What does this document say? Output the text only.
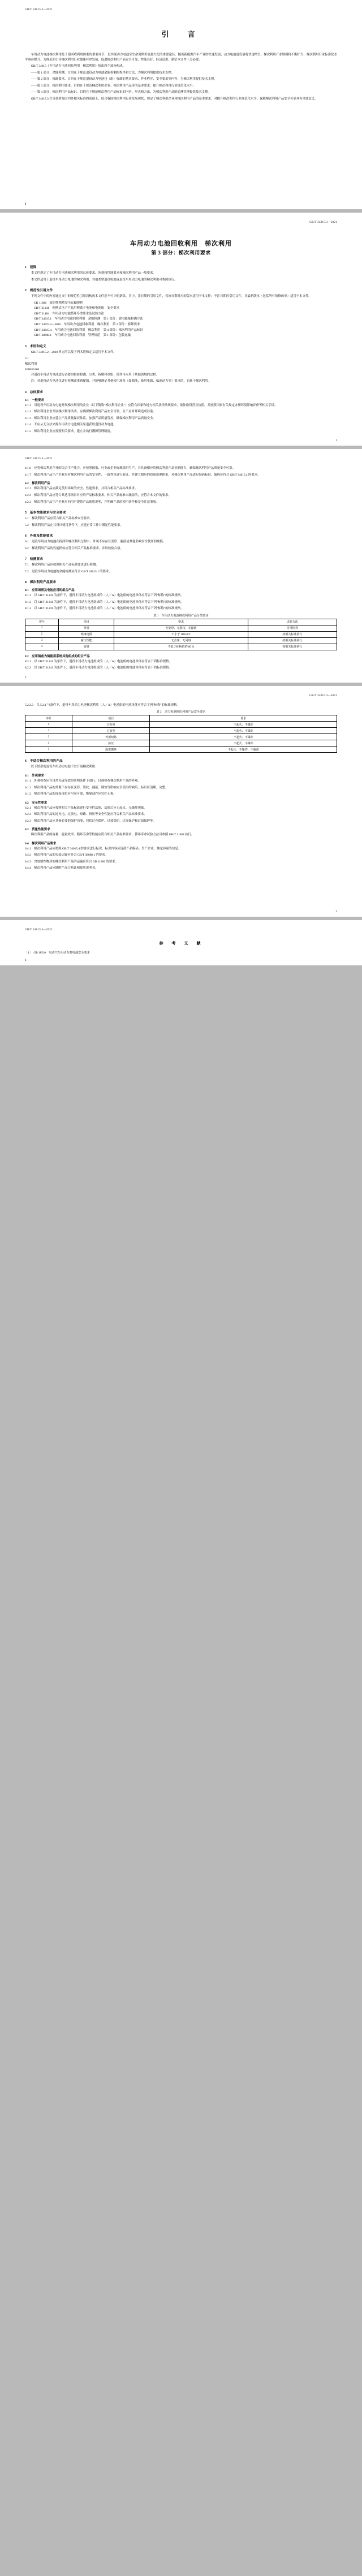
GB/T 34015.3—2021
引　言

车用动力电池梯次利用是千禧回收利用体系的重要环节，是实现动力电池全生命周期价值最大化的重要途径。随着新能源汽车产业的快速发展，动力电池退役量将快速增长，梯次利用产业规模将不断扩大，梯次利用行业标准化水平亟待提升。为规范和引导梯次利用行业健康有序发展，促进梯次利用产品安全可靠、性能良好、经济适用，制定本文件十分必要。

GB/T 34015《车用动力电池回收利用　梯次利用》拟由四个部分构成。

——第 1 部分：余能检测。目的在于规范退役动力电池余能检测的程序和方法，为梯次利用提供技术支撑。

——第 2 部分：拆卸要求。目的在于规范退役动力电池包（组）拆卸的基本要求、作业程序、安全要求等内容，为梯次利用提供技术支撑。

——第 3 部分：梯次利用要求。目的在于规范梯次利用企业、梯次利用产品等的基本要求，提升梯次利用行业规范化水平。

——第 4 部分：梯次利用产品标识。目的在于规范梯次利用产品标识的内容、形式和方法，为梯次利用产品的追溯管理提供技术支撑。

GB/T 34015.3 在等效借鉴国内外相关标准的基础上，结合我国梯次利用行业发展现状，规定了梯次利用企业和梯次利用产品的基本要求，对提升梯次利用行业规范化水平、保障梯次利用产品安全可靠具有重要意义。

Ⅱ
GB/T 34015.3—2021
车用动力电池回收利用　梯次利用
第 3 部分：梯次利用要求
1　 范围

本文件规定了车用动力电池梯次利用的总体要求、外观和性能要求和梯次利用产品一般要求。

本文件适用于退役车用动力电池的梯次利用，其他类型退役电池或退役车用动力电池的梯次利用可参照执行。

2　 规范性引用文件

下列文件中的内容通过文中的规范性引用而构成本文件必不可少的条款。其中，注日期的引用文件，仅该日期对应的版本适用于本文件；不注日期的引用文件，其最新版本（包括所有的修改单）适用于本文件。

GB 11806　放射性物质安全运输规程

GB/T 31241　便携式电子产品用锂离子电池和电池组　安全要求

GB/T 31484　车用动力电池循环寿命要求及试验方法

GB/T 34015.1　车用动力电池回收利用　余能检测　第 1 部分：放电能量检测方法

GB/T 34015.2—2020　车用动力电池回收利用　梯次利用　第 2 部分：拆卸要求

GB/T 34015.4　车用动力电池回收利用　梯次利用　第 4 部分：梯次利用产品标识

GB/T 38698.1　车用动力电池回收利用　管理规范　第 1 部分：包装运输

3　 术语和定义

GB/T 34015.2—2020 界定的以及下列术语和定义适用于本文件。

3.1

梯次利用

echelon use

对退役车用动力电池进行必要的检验检测、分类、拆解和重组，使其可应用于其他领域的过程。

注：对退役动力电池仅进行检测或重新配组，并能够满足其他使用场景（如储能、备用电源、低速动力等）要求的，也属于梯次利用。

4　 总体要求
4.1　 一般要求

4.1.1　对退役车用动力电池开展梯次利用的企业（以下简称"梯次利用企业"）应符合国家和地方相关法律法规要求，依法取得营业执照，并按照国家有关规定办理环境影响评价等相关手续。

4.1.2　梯次利用企业开展梯次利用活动，应确保梯次利用产品安全可靠，且不应对环境造成污染。

4.1.3　梯次利用企业应建立产品质量保证体系，加强产品质量管控，确保梯次利用产品质量安全。

4.1.4　不应从无合法来源车用动力电池相关渠道获取退役动力电池。

4.1.5　梯次利用企业应按照相关要求，建立并执行溯源管理制度。

1
GB/T 34015.3—2021

4.1.6　应将梯次利用企业的综合生产能力，应按照国家、行业或企业标准组织生产，并具备相应的梯次利用产品检测能力，确保梯次利用产品质量安全可靠。

4.1.7　梯次利用产品生产企业应对梯次利用产品的安全性、一致性等进行验证，并建立相应的质量追溯体系，对梯次利用产品进行编码标识，编码应符合 GB/T 34015.4 的要求。

4.2　梯次利用产品

4.2.1　梯次利用产品应满足使用场景的安全、性能要求，并符合相关产品标准要求。

4.2.2　梯次利用产品应符合其适用场景对应的产品标准要求，相关产品标准未涵盖的，应符合本文件的要求。

4.2.3　梯次利用产品生产企业应向用户提供产品使用说明，并明确产品的使用条件和安全注意事项。

5　 基本性能要求与安全要求

5.1　梯次利用产品应符合相关产品标准安全要求。

5.2　梯次利用产品在其设计使用条件下，应能正常工作并满足性能要求。

6　 外观及性能要求

6.1　退役车用动力电池在拆卸和梯次利用过程中，外观不应存在变形、漏液或其他影响安全使用的缺陷。

6.2　梯次利用产品的性能指标应符合相关产品标准要求，并经检验合格。

7　 检测要求

7.1　梯次利用产品应按照相关产品标准要求进行检测。

7.2　退役车用动力电池的余能检测应符合 GB/T 34015.1 的要求。

8　 梯次利用产品要求
8.1　 应用场景及电池应用的组合产品

8.1.1　以 GB/T 31241 为条件下，退役车用动力电池组成的（人／A）电池组的电池单体应符合下列"标称"的标准规格。

8.1.2　以 GB/T 31241 为条件下，退役车用动力电池组成的（人／A）电池组的电池单体应符合下列"标称"的标准规格。

8.1.3　以 GB/T 31241 为条件下，退役车用动力电池组成的（人／A）电池组的电池单体应符合下列"标称"的标准规格。

表 1　车用动力电池梯次利用产品分类要求
序号	项目	要求	试验方法
1	外观	无变形、无裂纹、无漏液	目视检查
2	绝缘电阻	不小于 100 Ω/V	按相关标准执行
3	耐压性能	无击穿、无闪络	按相关标准执行
4	容量	不低于标称值的 80 %	按相关标准执行
8.2　 应用储备为储能用系统其他组成的组合产品

8.2.1　以 GB/T 31241 为条件下，退役车用动力电池组成的（人／A）电池组的电池单体应符合下列标准规格。

8.2.2　以 GB/T 31241 为条件下，退役车用动力电池组成的（人／A）电池组的电池单体应符合下列标准规格。

2
GB/T 34015.3—2021

5.2.2.3　以 5.2.1 与条件下，退役车用动力电池梯次利用（人／A）电池组的电池单体应符合下列"标称"的标准规格。

表 2　动力电池梯次利用产品安全要求
序号	项目	要求
1	过充电	不起火、不爆炸
2	过放电	不起火、不爆炸
3	外部短路	不起火、不爆炸
4	挤压	不起火、不爆炸
5	温度循环	不起火、不爆炸、不漏液
6　 不适合梯次利用的产品

以下情形的退役车用动力电池不宜开展梯次利用：

6.1　 外观要求

6.1.1　外观检查应在自然光或等效的照明条件下进行，目视检查梯次利用产品的外观。

6.1.2　梯次利用产品的外观不应存在变形、裂纹、漏液、锈蚀等影响安全使用的缺陷，标识应清晰、完整。

6.1.3　梯次利用产品的连接部位应牢固可靠，绝缘部件应完好无损。

6.2　 安全性要求

6.2.1　梯次利用产品应按照相关产品标准进行安全性试验，试验后应无起火、无爆炸现象。

6.2.2　梯次利用产品的过充电、过放电、短路、挤压等安全性能应符合相关产品标准要求。

6.2.3　梯次利用产品应具备必要的保护功能，包括过充保护、过放保护、过流保护和过温保护等。

6.3　 质量性能要求

梯次利用产品的容量、能量效率、循环寿命等性能应符合相关产品标准要求，循环寿命试验方法可参照 GB/T 31484 执行。

6.4　 梯次利用产品要求

6.4.1　梯次利用产品应按照 GB/T 34015.4 的要求进行标识，标识内容应包括产品编码、生产企业、额定容量等信息。

6.4.2　梯次利用产品的包装运输应符合 GB/T 38698.1 的要求。

6.4.3　含放射性物质的梯次利用产品的运输应符合 GB 11806 的要求。

6.4.4　梯次利用产品应随附产品合格证和使用说明书。

3
GB/T 34015.3—2021
参　考　文　献
［1］　GB 18510　电动汽车用动力蓄电池安全要求
4
